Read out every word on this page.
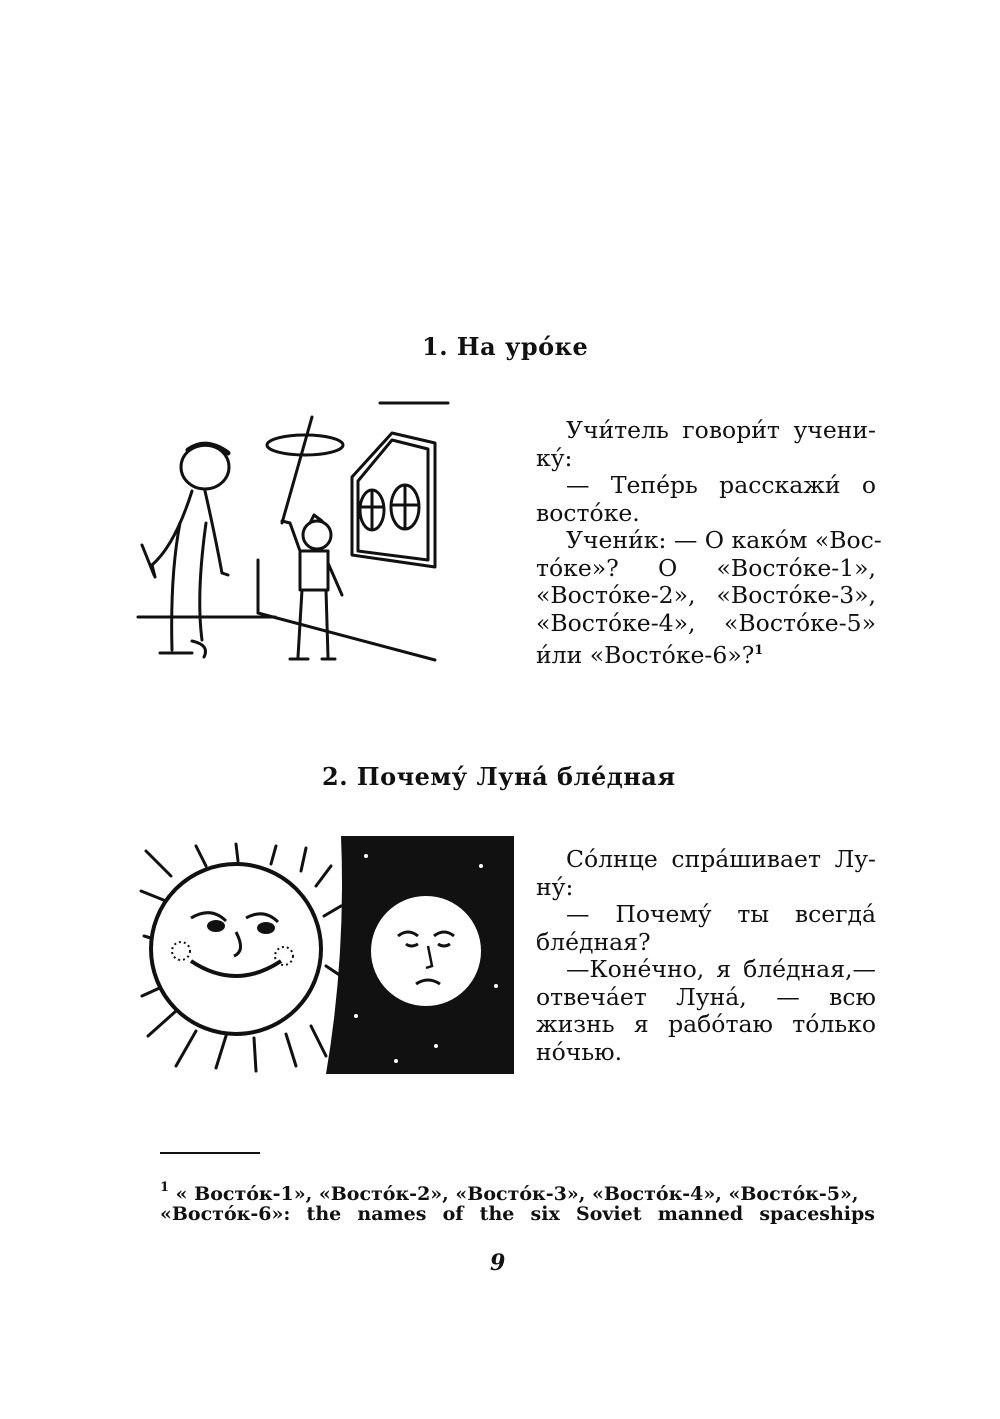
1. На уро́ке
Учи́тель говори́т учени-
ку́:
— Тепе́рь расскажи́ о
восто́ке.
Учени́к: — О како́м «Вос-
то́ке»? О «Восто́ке-1»,
«Восто́ке-2», «Восто́ке-3»,
«Восто́ке-4», «Восто́ке-5»
и́ли «Восто́ке-6»?$^1$
2. Почему́ Луна́ бле́дная
Со́лнце спра́шивает Лу-
ну́:
— Почему́ ты всегда́
бле́дная?
—Коне́чно, я бле́дная,—
отвеча́ет Луна́, — всю
жизнь я рабо́таю то́лько
но́чью.
$^1$ « Восто́к-1», «Восто́к-2», «Восто́к-3», «Восто́к-4», «Восто́к-5»,
«Восто́к-6»: the names of the six Soviet manned spaceships
9
